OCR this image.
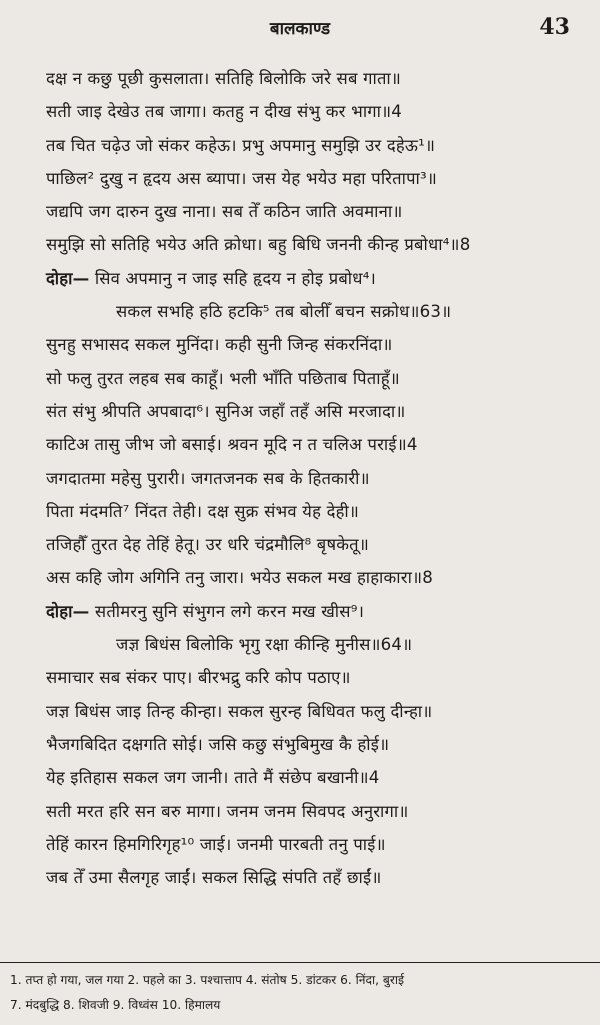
बालकाण्ड	43
दक्ष न कछु पूछी कुसलाता। सतिहि बिलोकि जरे सब गाता॥
सती जाइ देखेउ तब जागा। कतहु न दीख संभु कर भागा॥4
तब चित चढ़ेउ जो संकर कहेऊ। प्रभु अपमानु समुझि उर दहेऊ¹॥
पाछिल² दुखु न हृदय अस ब्यापा। जस येह भयेउ महा परितापा³॥
जद्यपि जग दारुन दुख नाना। सब तेँ कठिन जाति अवमाना॥
समुझि सो सतिहि भयेउ अति क्रोधा। बहु बिधि जननी कीन्ह प्रबोधा⁴॥8
दोहा— सिव अपमानु न जाइ सहि हृदय न होइ प्रबोध⁴।
सकल सभहि हठि हटकि⁵ तब बोलीँ बचन सक्रोध॥63॥
सुनहु सभासद सकल मुनिंदा। कही सुनी जिन्ह संकरनिंदा॥
सो फलु तुरत लहब सब काहूँ। भली भाँति पछिताब पिताहूँ॥
संत संभु श्रीपति अपबादा⁶। सुनिअ जहाँ तहँ असि मरजादा॥
काटिअ तासु जीभ जो बसाई। श्रवन मूदि न त चलिअ पराई॥4
जगदातमा महेसु पुरारी। जगतजनक सब के हितकारी॥
पिता मंदमति⁷ निंदत तेही। दक्ष सुक्र संभव येह देही॥
तजिहौँ तुरत देह तेहिं हेतू। उर धरि चंद्रमौलि⁸ बृषकेतू॥
अस कहि जोग अगिनि तनु जारा। भयेउ सकल मख हाहाकारा॥8
दोहा— सतीमरनु सुनि संभुगन लगे करन मख खीस⁹।
जज्ञ बिधंस बिलोकि भृगु रक्षा कीन्हि मुनीस॥64॥
समाचार सब संकर पाए। बीरभद्रु करि कोप पठाए॥
जज्ञ बिधंस जाइ तिन्ह कीन्हा। सकल सुरन्ह बिधिवत फलु दीन्हा॥
भैजगबिदित दक्षगति सोई। जसि कछु संभुबिमुख कै होई॥
येह इतिहास सकल जग जानी। ताते मैं संछेप बखानी॥4
सती मरत हरि सन बरु मागा। जनम जनम सिवपद अनुरागा॥
तेहिं कारन हिमगिरिगृह¹⁰ जाई। जनमी पारबती तनु पाई॥
जब तेँ उमा सैलगृह जाईं। सकल सिद्धि संपति तहँ छाईं॥
1. तप्त हो गया, जल गया 2. पहले का 3. पश्चात्ताप 4. संतोष 5. डांटकर 6. निंदा, बुराई
7. मंदबुद्धि 8. शिवजी 9. विध्वंस 10. हिमालय
